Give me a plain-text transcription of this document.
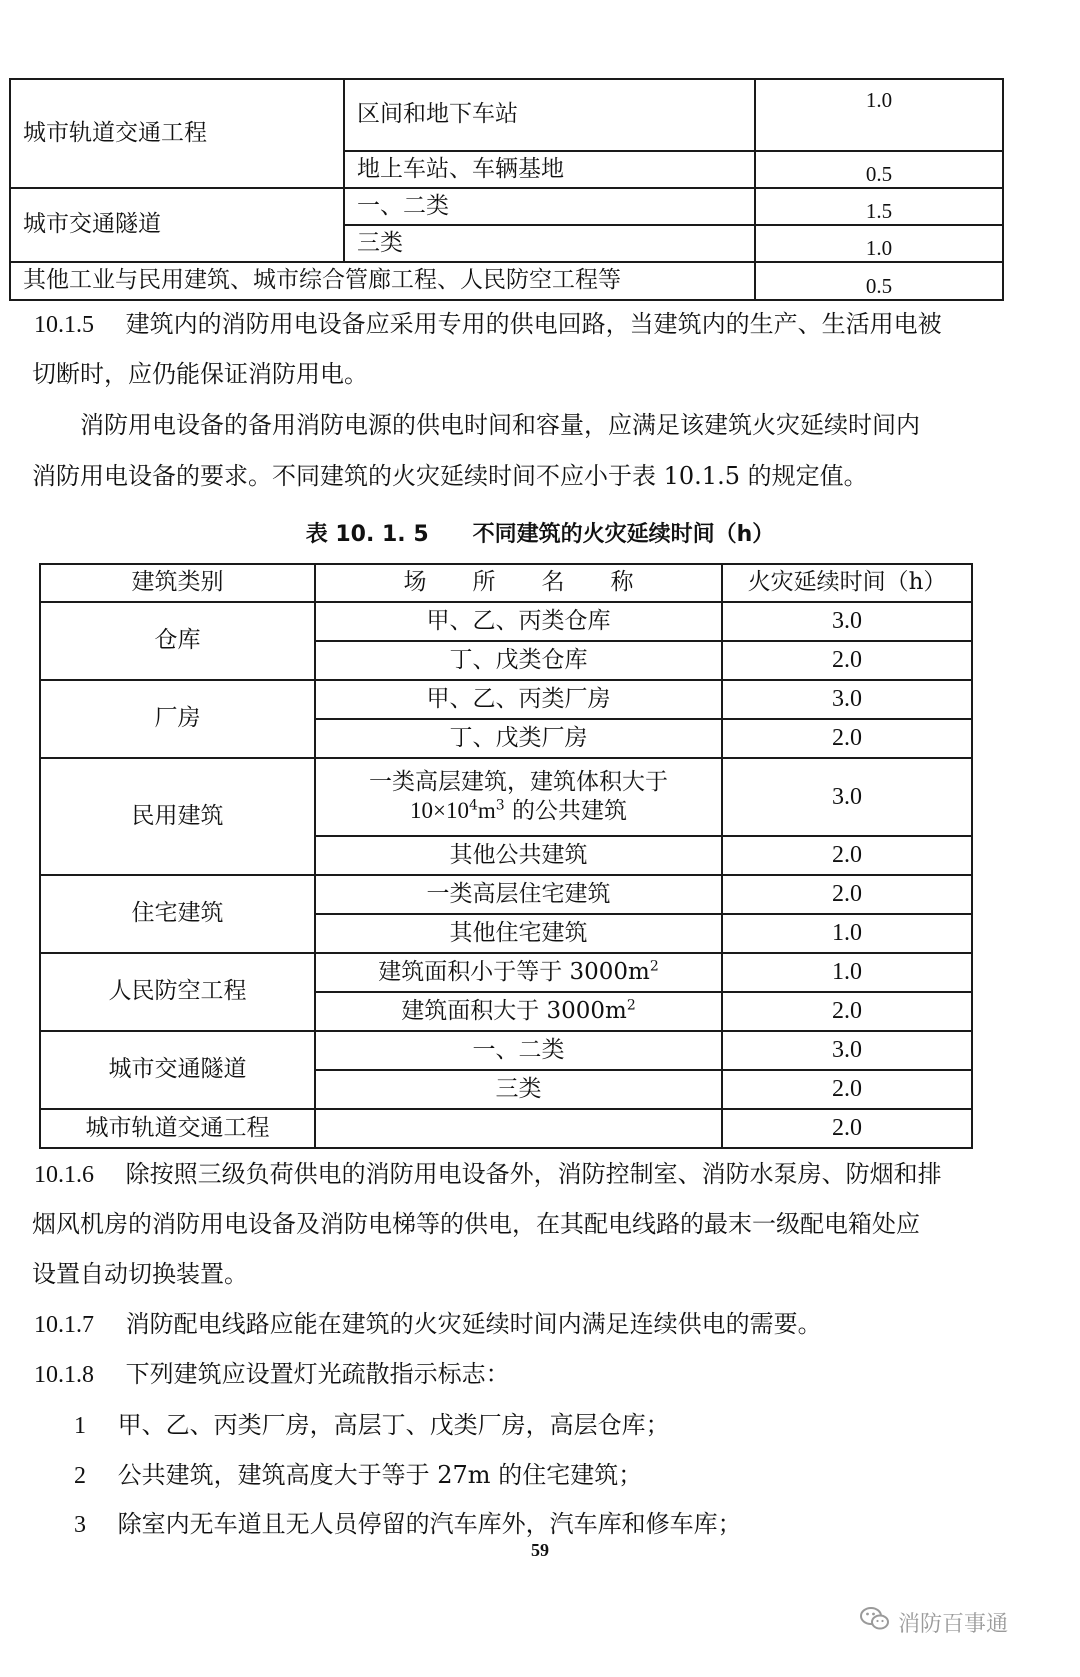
城市轨道交通工程	区间和地下车站	1.0
	地上车站、车辆基地	0.5
城市交通隧道	一、二类	1.5
	三类	1.0
其他工业与民用建筑、城市综合管廊工程、人民防空工程等		0.5
10.1.5　 建筑内的消防用电设备应采用专用的供电回路，当建筑内的生产、生活用电被
切断时，应仍能保证消防用电。
消防用电设备的备用消防电源的供电时间和容量，应满足该建筑火灾延续时间内
消防用电设备的要求。不同建筑的火灾延续时间不应小于表 10.1.5 的规定值。
表 10. 1. 5　　不同建筑的火灾延续时间（h）
建筑类别	场　　所　　名　　称	火灾延续时间（h）
仓库	甲、乙、丙类仓库	3.0
	丁、戊类仓库	2.0
厂房	甲、乙、丙类厂房	3.0
	丁、戊类厂房	2.0
民用建筑	一类高层建筑，建筑体积大于
$10\times 10^4m^3$ 的公共建筑	3.0
	其他公共建筑	2.0
住宅建筑	一类高层住宅建筑	2.0
	其他住宅建筑	1.0
人民防空工程	建筑面积小于等于 $3000m^2$	1.0
	建筑面积大于 $3000m^2$	2.0
城市交通隧道	一、二类	3.0
	三类	2.0
城市轨道交通工程		2.0
10.1.6　 除按照三级负荷供电的消防用电设备外，消防控制室、消防水泵房、防烟和排
烟风机房的消防用电设备及消防电梯等的供电，在其配电线路的最末一级配电箱处应
设置自动切换装置。
10.1.7　 消防配电线路应能在建筑的火灾延续时间内满足连续供电的需要。
10.1.8　 下列建筑应设置灯光疏散指示标志：
1　 甲、乙、丙类厂房，高层丁、戊类厂房，高层仓库；
2　 公共建筑，建筑高度大于等于 27m 的住宅建筑；
3　 除室内无车道且无人员停留的汽车库外，汽车库和修车库；
59
消防百事通
